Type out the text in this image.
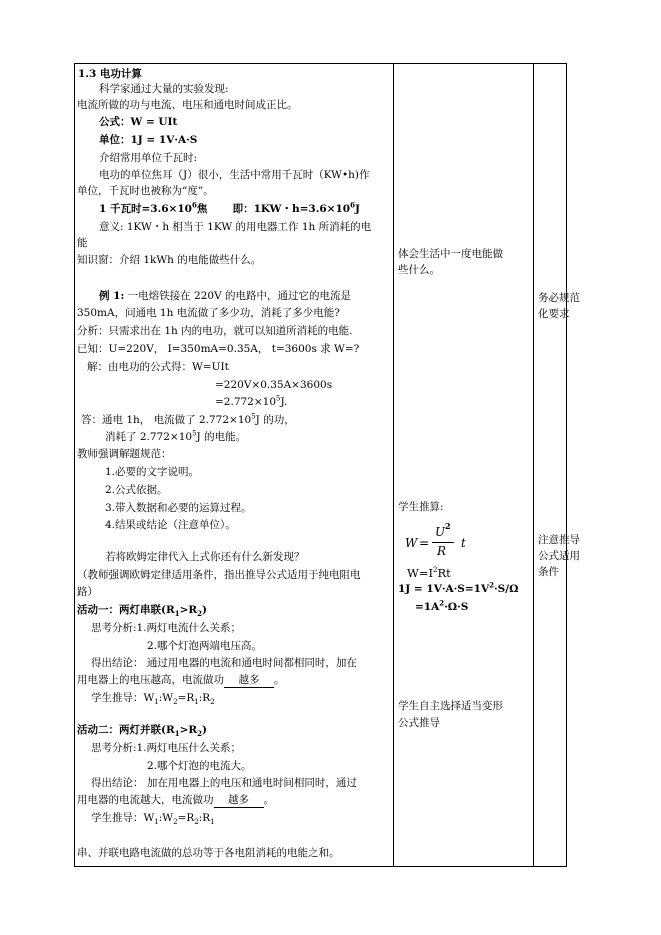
1.3 电功计算
科学家通过大量的实验发现:
电流所做的功与电流、电压和通电时间成正比。
公式：W = UIt
单位：1J = 1V·A·S
介绍常用单位千瓦时:
电功的单位焦耳（J）很小，生活中常用千瓦时（KW•h)作
单位，千瓦时也被称为“度”。
1 千瓦时$=3.6\times 10^6$焦 即：1KW・$h=3.6\times 10^6J$
意义: 1KW・h 相当于 1KW 的用电器工作 1h 所消耗的电
能
知识窗：介绍 1kWh 的电能做些什么。
例 1: 一电熔铁接在 220V 的电路中，通过它的电流是
350mA，问通电 1h 电流做了多少功，消耗了多少电能?
分析：只需求出在 1h 内的电功，就可以知道所消耗的电能.
已知：U=220V， I=350mA=0.35A， t=3600s 求 W=?
解：由电功的公式得：W=UIt
=220V×0.35A×3600s
$=2.772\times 10^5J$.
答：通电 1h， 电流做了 $2.772\times 10^5J$ 的功，
消耗了 $2.772\times 10^5J$ 的电能。
教师强调解题规范：
1.必要的文字说明。
2.公式依据。
3.带入数据和必要的运算过程。
4.结果或结论（注意单位）。
若将欧姆定律代入上式你还有什么新发现？
（教师强调欧姆定律适用条件，指出推导公式适用于纯电阻电
路）
活动一：两灯串联$(R_1>R_2)$
思考分析:1.两灯电流什么关系；
2.哪个灯泡两端电压高。
得出结论： 通过用电器的电流和通电时间都相同时，加在
用电器上的电压越高，电流做功 越多 。
学生推导：$W_1:W_2=R_1:R_2$
活动二：两灯并联$(R_1>R_2)$
思考分析:1.两灯电压什么关系；
2.哪个灯泡的电流大。
得出结论： 加在用电器上的电压和通电时间相同时，通过
用电器的电流越大，电流做功 越多 。
学生推导：$W_1:W_2=R_2:R_1$
串、并联电路电流做的总功等于各电阻消耗的电能之和。
体会生活中一度电能做
些什么。
学生推算:
W =
U 2
R
t
$W=I^2Rt$
$1J = 1V\cdot A\cdot S=1V^2\cdot S/\Omega$
$=1A^2\cdot\Omega\cdot S$
学生自主选择适当变形
公式推导
务必规范
化要求
注意推导
公式适用
条件
